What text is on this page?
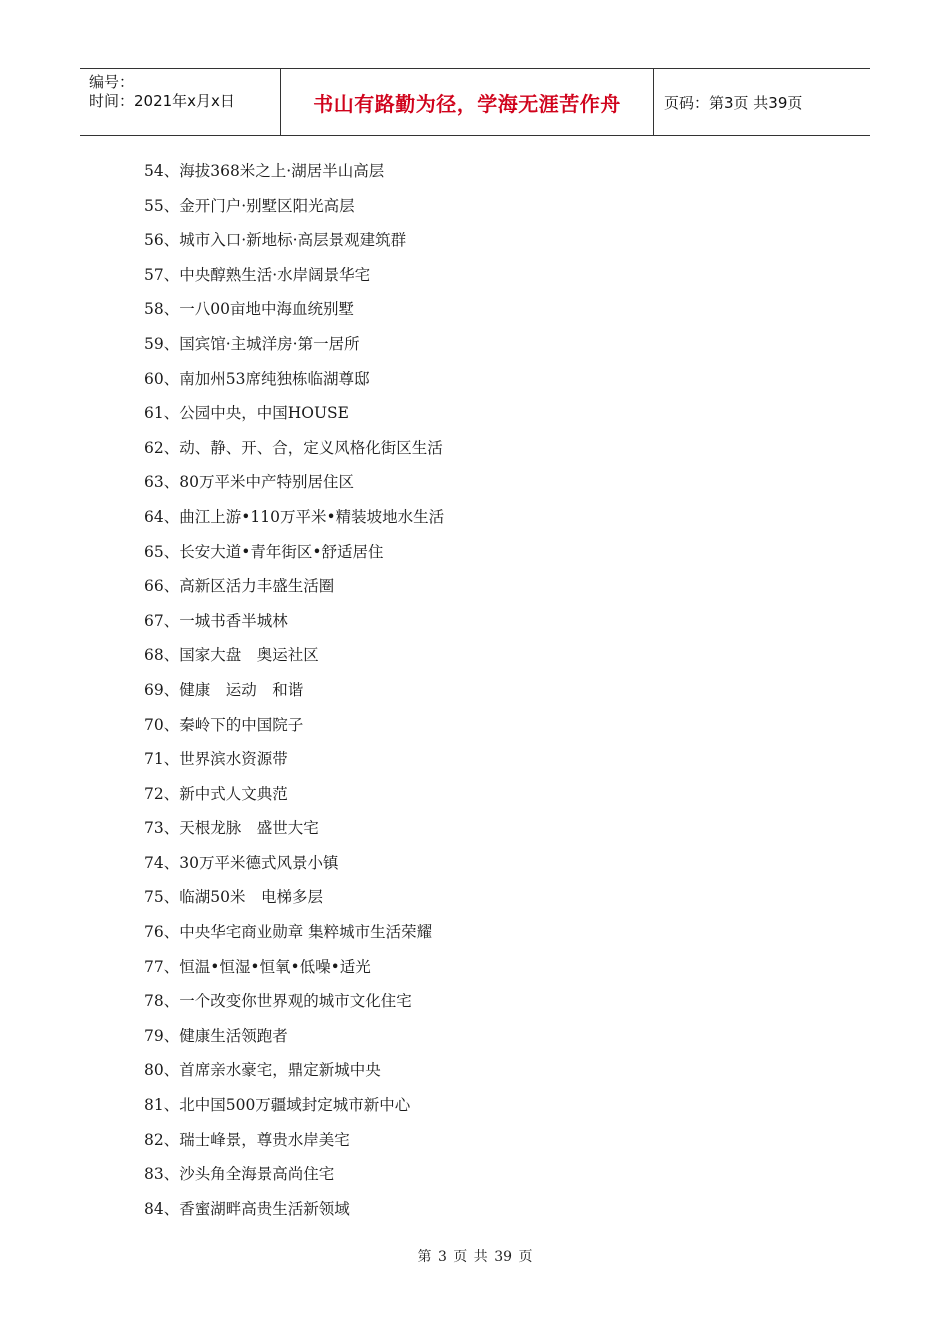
编号：
时间：2021年x月x日	书山有路勤为径，学海无涯苦作舟	页码：第3页 共39页
54、海拔368米之上·湖居半山高层
55、金开门户·别墅区阳光高层
56、城市入口·新地标·高层景观建筑群
57、中央醇熟生活·水岸阔景华宅
58、一八00亩地中海血统别墅
59、国宾馆·主城洋房·第一居所
60、南加州53席纯独栋临湖尊邸
61、公园中央，中国HOUSE
62、动、静、开、合，定义风格化街区生活
63、80万平米中产特别居住区
64、曲江上游•110万平米•精装坡地水生活
65、长安大道•青年街区•舒适居住
66、高新区活力丰盛生活圈
67、一城书香半城林
68、国家大盘　奥运社区
69、健康　运动　和谐
70、秦岭下的中国院子
71、世界滨水资源带
72、新中式人文典范
73、天根龙脉　盛世大宅
74、30万平米德式风景小镇
75、临湖50米　电梯多层
76、中央华宅商业勋章 集粹城市生活荣耀
77、恒温•恒湿•恒氧•低噪•适光
78、一个改变你世界观的城市文化住宅
79、健康生活领跑者
80、首席亲水豪宅，鼎定新城中央
81、北中国500万疆域封定城市新中心
82、瑞士峰景，尊贵水岸美宅
83、沙头角全海景高尚住宅
84、香蜜湖畔高贵生活新领域
第 3 页 共 39 页
